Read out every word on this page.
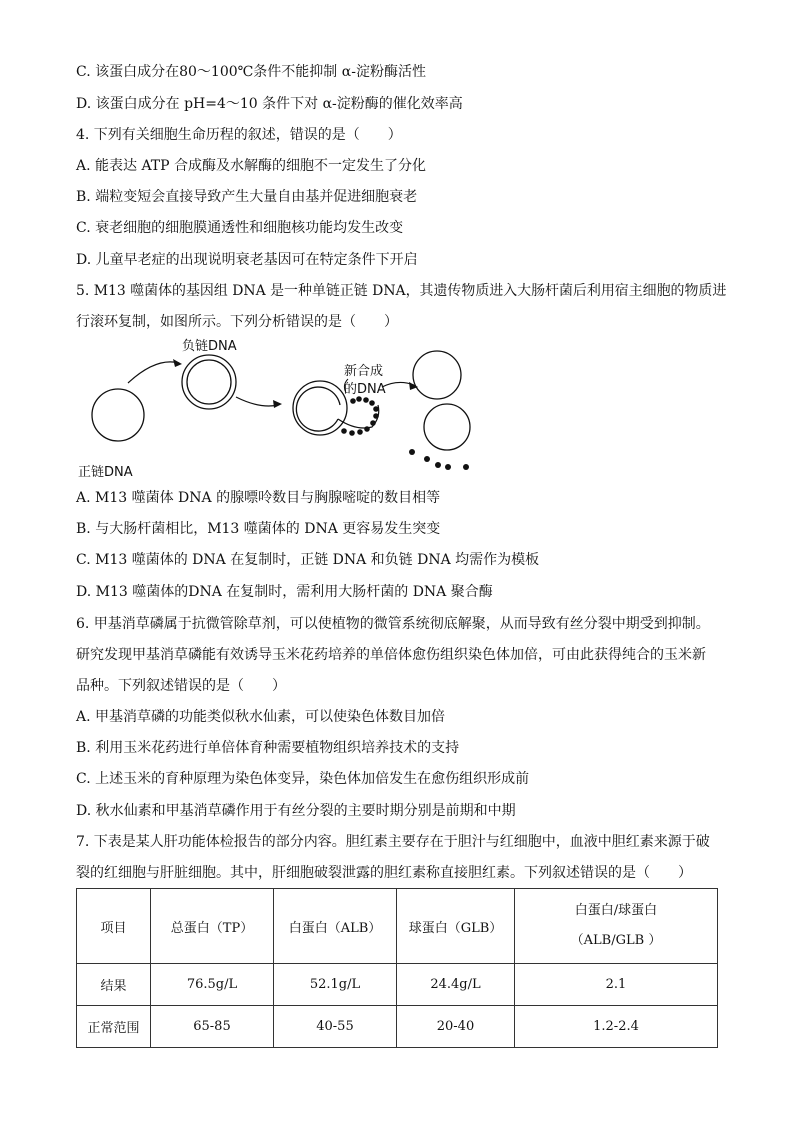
C. 该蛋白成分在80～100℃条件不能抑制 α-淀粉酶活性
D. 该蛋白成分在 pH=4～10 条件下对 α-淀粉酶的催化效率高
4. 下列有关细胞生命历程的叙述，错误的是（　　）
A. 能表达 ATP 合成酶及水解酶的细胞不一定发生了分化
B. 端粒变短会直接导致产生大量自由基并促进细胞衰老
C. 衰老细胞的细胞膜通透性和细胞核功能均发生改变
D. 儿童早老症的出现说明衰老基因可在特定条件下开启
5. M13 噬菌体的基因组 DNA 是一种单链正链 DNA，其遗传物质进入大肠杆菌后利用宿主细胞的物质进
行滚环复制，如图所示。下列分析错误的是（　　）
正链DNA
负链DNA
新合成
的DNA
A. M13 噬菌体 DNA 的腺嘌呤数目与胸腺嘧啶的数目相等
B. 与大肠杆菌相比，M13 噬菌体的 DNA 更容易发生突变
C. M13 噬菌体的 DNA 在复制时，正链 DNA 和负链 DNA 均需作为模板
D. M13 噬菌体的DNA 在复制时，需利用大肠杆菌的 DNA 聚合酶
6. 甲基消草磷属于抗微管除草剂，可以使植物的微管系统彻底解聚，从而导致有丝分裂中期受到抑制。
研究发现甲基消草磷能有效诱导玉米花药培养的单倍体愈伤组织染色体加倍，可由此获得纯合的玉米新
品种。下列叙述错误的是（　　）
A. 甲基消草磷的功能类似秋水仙素，可以使染色体数目加倍
B. 利用玉米花药进行单倍体育种需要植物组织培养技术的支持
C. 上述玉米的育种原理为染色体变异，染色体加倍发生在愈伤组织形成前
D. 秋水仙素和甲基消草磷作用于有丝分裂的主要时期分别是前期和中期
7. 下表是某人肝功能体检报告的部分内容。胆红素主要存在于胆汁与红细胞中，血液中胆红素来源于破
裂的红细胞与肝脏细胞。其中，肝细胞破裂泄露的胆红素称直接胆红素。下列叙述错误的是（　　）
项目	总蛋白（TP）	白蛋白（ALB）	球蛋白（GLB）	白蛋白/球蛋白
（ALB/GLB ）

结果	76.5g/L	52.1g/L	24.4g/L	2.1
正常范围	65-85	40-55	20-40	1.2-2.4
